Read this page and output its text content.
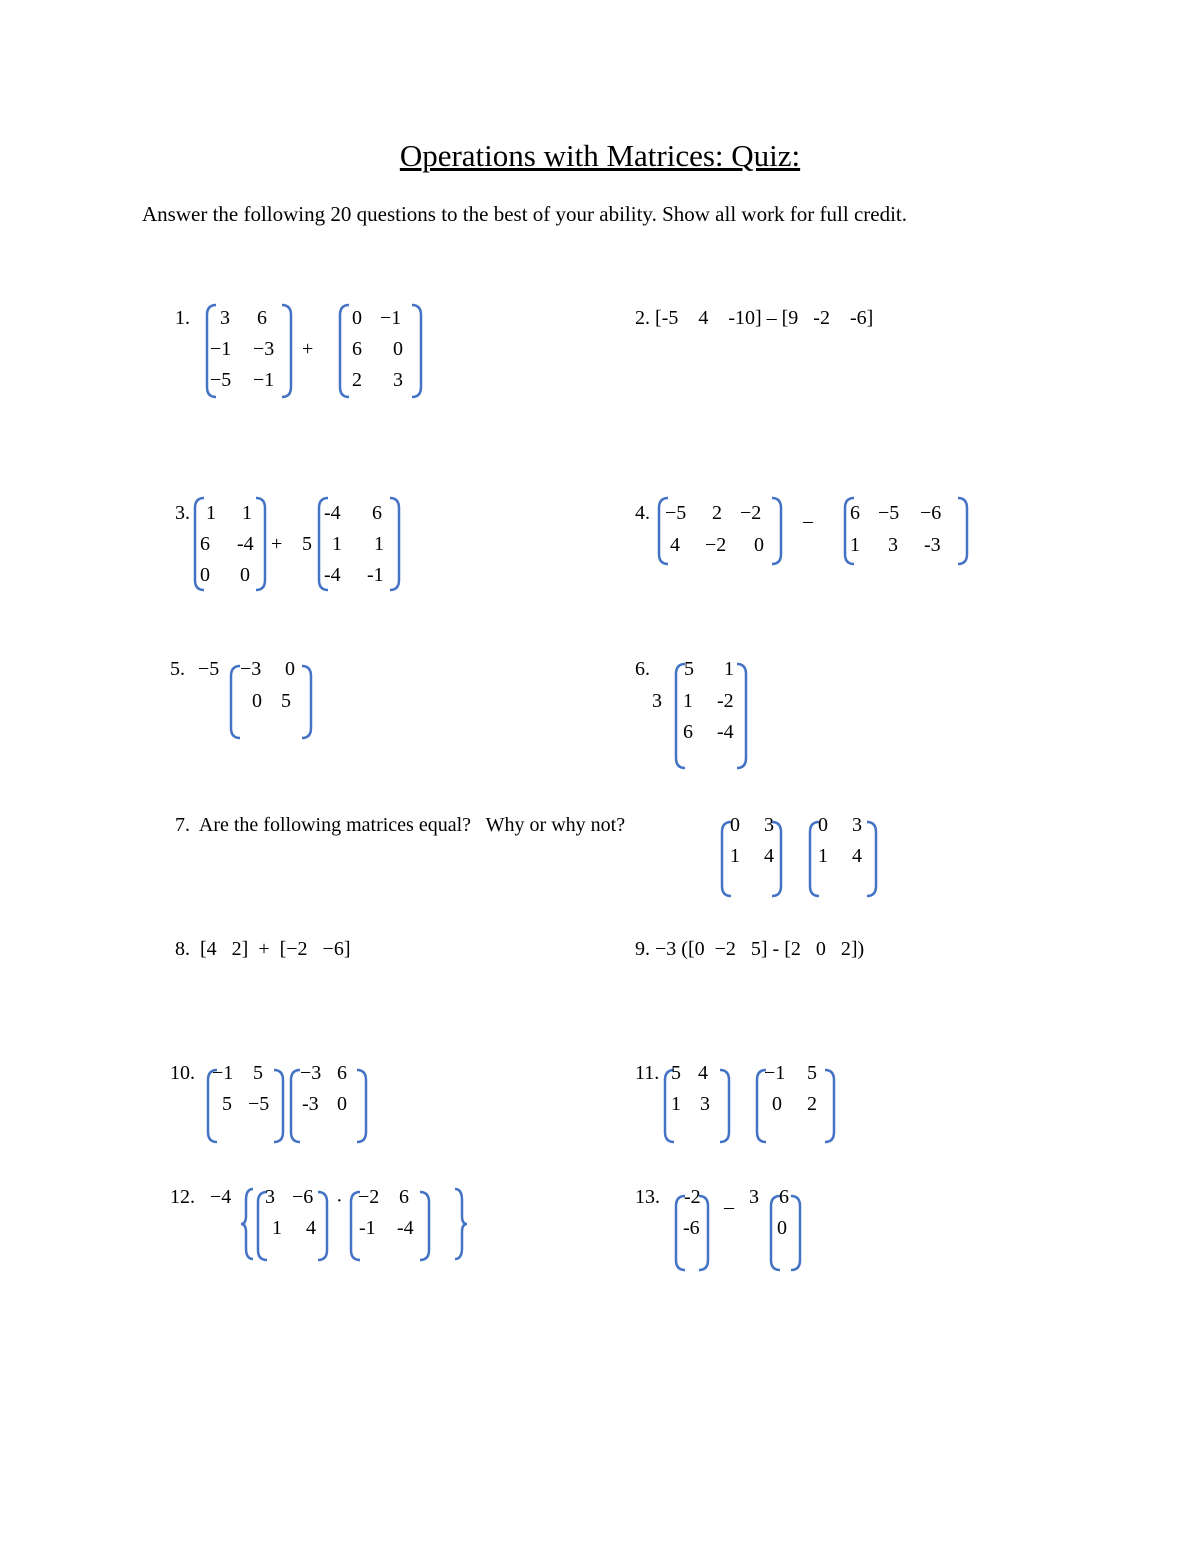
Operations with Matrices: Quiz:
Answer the following 20 questions to the best of your ability. Show all work for full credit.
1. 3 6
−1 −3
−5 −1
+
0 −1
6 0
2 3
2. [-5    4    -10] – [9   -2    -6]
3. 1 1
6 -4
0 0
+ 5
-4 6
1 1
-4 -1
4. −5 2 −2
4 −2 0
– 6 −5 −6
1 3 -3
5. −5 −3 0
0 5
6.
3
5 1
1 -2
6 -4
7.  Are the following matrices equal?   Why or why not?	0 3
1 4
0 3
1 4
8.  [4   2]  +  [−2   −6]	9. −3 ([0  −2   5] - [2   0   2])
10. −1 5
5 −5
−3 6
-3 0
11. 5 4
1 3
−1 5
0 2
12. −4 3 −6
1 4
· −2 6
-1 -4
13. -2
-6
– 3 6
0
